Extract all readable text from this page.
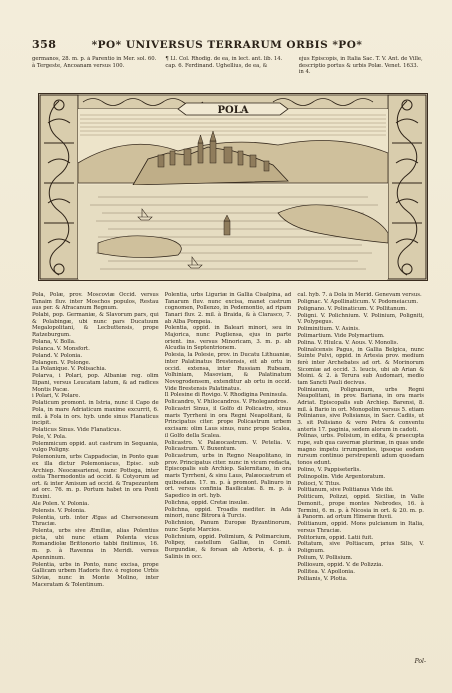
358	*PO* UNIVERSUS TERRARUM ORBIS *PO*
germanos, 28. m. p. à Parentio in Mer. sol. 60. à Tergeste, Ancoanam versus 100.
¶ Ll. Col. Rhodig. de ea, in lect. ant. lib. 14. cap. 6. Ferdinand. Ughellius, de ea, &
ejus Episcopis, in Italia Sac. T. V. Ant. de Ville, descriptio portus & urbis Polæ. Venet. 1633. in 4.
POLA

Pola, Polæ, prov. Moscoviæ Occid. versus Tanaim fluv. inter Moschos populos, Restau aus per. & Afracanum Regnum.

Polabi, pop. Germaniæ, & Slavorum pars, qui & Polabingæ, ubi nunc pars Ducatuum Megalopolitani, & Lecbuttensis, prope Ratzeburgum.

Polana, V. Bolla.

Polanca. V. Monsfort.

Poland. V. Polonia.

Polangen. V. Polonge.

La Polanique. V. Polisachia.

Polarva, i Polari, pop. Albaniæ reg. olim Ilipani, versus Leucatam latum, & ad radices Montis Pacæ.

i Polari, V. Polare.

Polaticum promont. in Istria, nunc il Capo de Pola, in mare Adriaticum maxime excurrit, 6. mil. à Fola in ors. hyb. unde sinus Flanaticus incipit.

Polaticus Sinus. Vide Flanaticus.

Pole, V. Pola.

Polemmicum oppid. aut castrum in Sequania, vulgo Poligny.

Polemonium, urbs Cappadociæ, in Ponto quæ ex illa dictur Polemoniacus, Episc. sub Archiep. Neocæsariensi, nunc Pottega, inter ostia Thermodontis ad occid. & Cotyorum ad ort. & inter Amisum ad occid. & Trapezuntem ad orc. 76. m. p. Portum habet in ora Ponti Euxini.

Ale Polen. V. Polonia.

Polensis. V. Polonia.

Polentia, urb. inter Ægas ad Chersonesum Thraciæ.

Polenta, urbs sive Æmiliæ, alias Polentius picta, ubi nunc etiam Polenta vicus Romandiolæ Brittonorio tabbi finitimus, 16. m. p. à Ravenna in Meridi. versus Apenninum.

Polentia, urbs in Ponto, nunc excisa, prope Gallicam urbem Hadoris fluv. è regione Urbis Silviæ, nunc in Monte Molino, inter Maceratam & Tolentinum.

Polentia, urbs Liguriæ in Gallia Cisalpina, ad Tanarum fluv. nunc excisa, manet castrum cognomen, Pollenzo, in Pedemontio, ad ripam Tanari fluv. 2. mil. à Braida, & à Clarasco, 7. ab Alba Pompeia.

Polentia, oppid. in Baleari minori, seu in Majorica, nunc Pugliensa, ejus in parte orient. ins. versus Minoricam, 3. m. p. ab Alcudia in Septentrionem.

Polesia, la Polesie, prov. in Ducatu Lithuaniæ, inter Palatinatus Brestensis, eit ab ortu in occid. extensa, inter Russiam Rubeam, Volhiniam, Masoviam, & Palatinatum Novogrodensem, extenditur ab ortu in occid. Vide Brestensis Palatinatus.

Il Polesine di Rovigo. V. Rhodigina Peninsula.

Policandro, V. Philocandros. V. Pholegandros.

Policastri Sinus, il Golfo di Policastro, sinus maris Tyrrheni in ora Regni Neapolitani, & Principatus citer. prope Policastrum urbem excisam: olim Laus sinus, nunc prope Scalea, il Golfo della Scalea.

Policastro. V. Palæocastrum. V. Petelia. V. Policastrum. V. Buxentum.

Policastrum, urbs in Regno Neapolitano, in prov. Principatus citer. nunc in vicum redacta, Episcopalis sub Archiep. Salernitano, in ora maris Tyrrheni, & sinu Laus, Palæocastrum et quibusdam. 17. m. p. à promont. Palinuro in ort. versus confinia Basilicatæ. 8. m. p. à Sapedico in ort. hyb.

Polichna, oppid. Cretæ insulæ.

Polichna, oppid. Troadis mediter. in Ada minori, nunc Bitrora à Turcis.

Polichnion, Panum Europæ Byzantinorum, nunc Septe Marcios.

Polichnium, oppid. Polimium, & Polimarcium, Polipey, castellum Galliæ, in Comit. Burgundiæ, & forsan ab Arboria, 4. p. à Salinis in occ.

cal. hyb. 7. à Dola in Merid. Genevam versus.

Polignac. V. Apollinaticum. V. Podomeiacum.

Polignano. V. Polinaticum. V. Pollitanum.

Poligni. V. Polichnium. V. Polinium, Poligniti, V. Polypegus.

Poliminitium. V. Asinis.

Polimartium. Vide Polymartium.

Polina. V. Hiulca. V. Aous. V. Monolis.

Polinalcensis Pagus, in Gallia Belgica, nunc Suinte Pulvi, oppid. in Artesia prov. medium ferè inter Archebates ad ort. & Morinorum Sicomiæ ad occid. 3. leucis, ubi ab Arian & Moini. & 2. à Terura sub Audomari, medio tam Sancti Pauli decivus.

Polinianum, Polignanum, urbs Regni Neapolitani, in prov. Bariana, in ora maris Adriat. Episcopalis sub Archiep. Barensi, 8. mil. à Bario in ort. Monopolim versus 5. etiam Polinianus, sive Polisianus, in Sacr. Cadiis, ut 3. sit Polisiano & vero Petra & conventu anteris 17. paginia, sedem alorum in cadoti.

Polinas, urbs. Polisium, in edita, & praecupta rupe, sub qua cavernæ plurimæ, in quas unde magno impetu irrumpentes, ipsoque eodem rursum continuo perstrepenti adum quosdam tonos edunt.

Polino, V. Pappiseterlis.

Polinopolin. Vide Argentoratum.

Polioci, V. Titus.

Politianum, sive Politianus Vide ibi.

Politicum, Polizzi, oppid. Siciliæ, in Valle Demonit., prope montes Nebrodes, 16. à Termini, 6. m. p. à Nicosia in ort. & 20. m. p. à Panorm. ad ortum Himeræ fluvii.

Politianum, oppid. Mons pulcianum in Italia, versus Thraciæ.

Politorium, oppid. Latii fuit.

Poltatum, sive Poltiacum, prius Silis, V. Polignum.

Polium, V. Pollisium.

Polliosum, oppid. V. de Polizzia.

Pollitea. V. Apollonia.

Pollianis, V. Plotia.

Pol-
